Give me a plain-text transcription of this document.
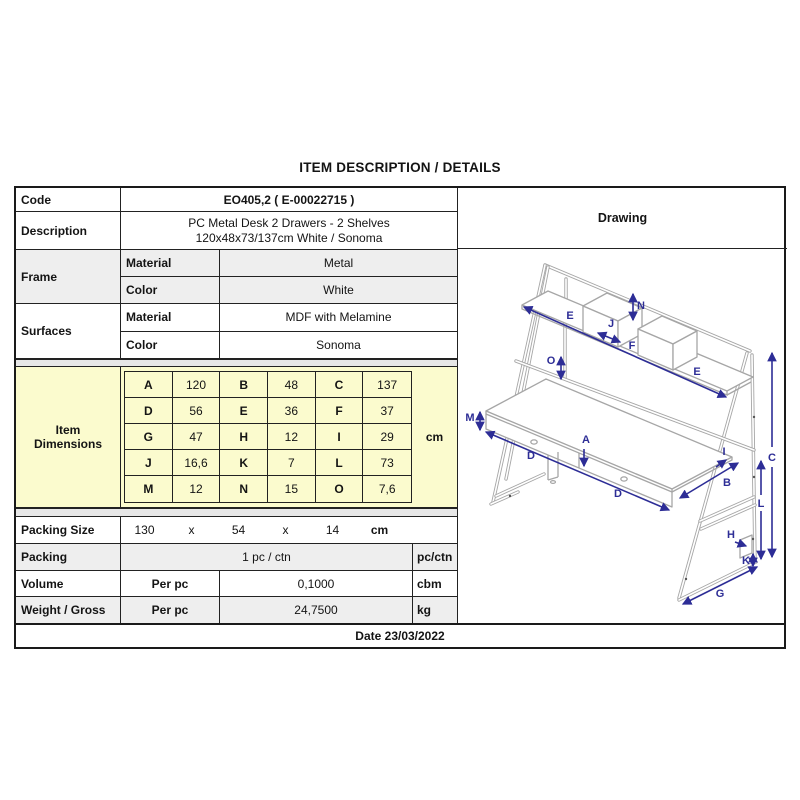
ITEM DESCRIPTION / DETAILS
Code	EO405,2 ( E-00022715 )
Description
PC Metal Desk 2 Drawers - 2 Shelves
120x48x73/137cm White / Sonoma
Frame
Material	Metal
Color	White
Surfaces
Material	MDF with Melamine
Color	Sonoma
Item
Dimensions
A	120	B	48	C	137
D	56	E	36	F	37
G	47	H	12	I	29
J	16,6	K	7	L	73
M	12	N	15	O	7,6
cm
Packing Size	130	x	54	x	14	cm
Packing	1 pc / ctn	pc/ctn
Volume	Per pc	0,1000	cbm
Weight / Gross	Per pc	24,7500	kg
Drawing
E
J
N
F
E
O
M
A
D
D
I	C
B
L
H
K
G
Date 23/03/2022
